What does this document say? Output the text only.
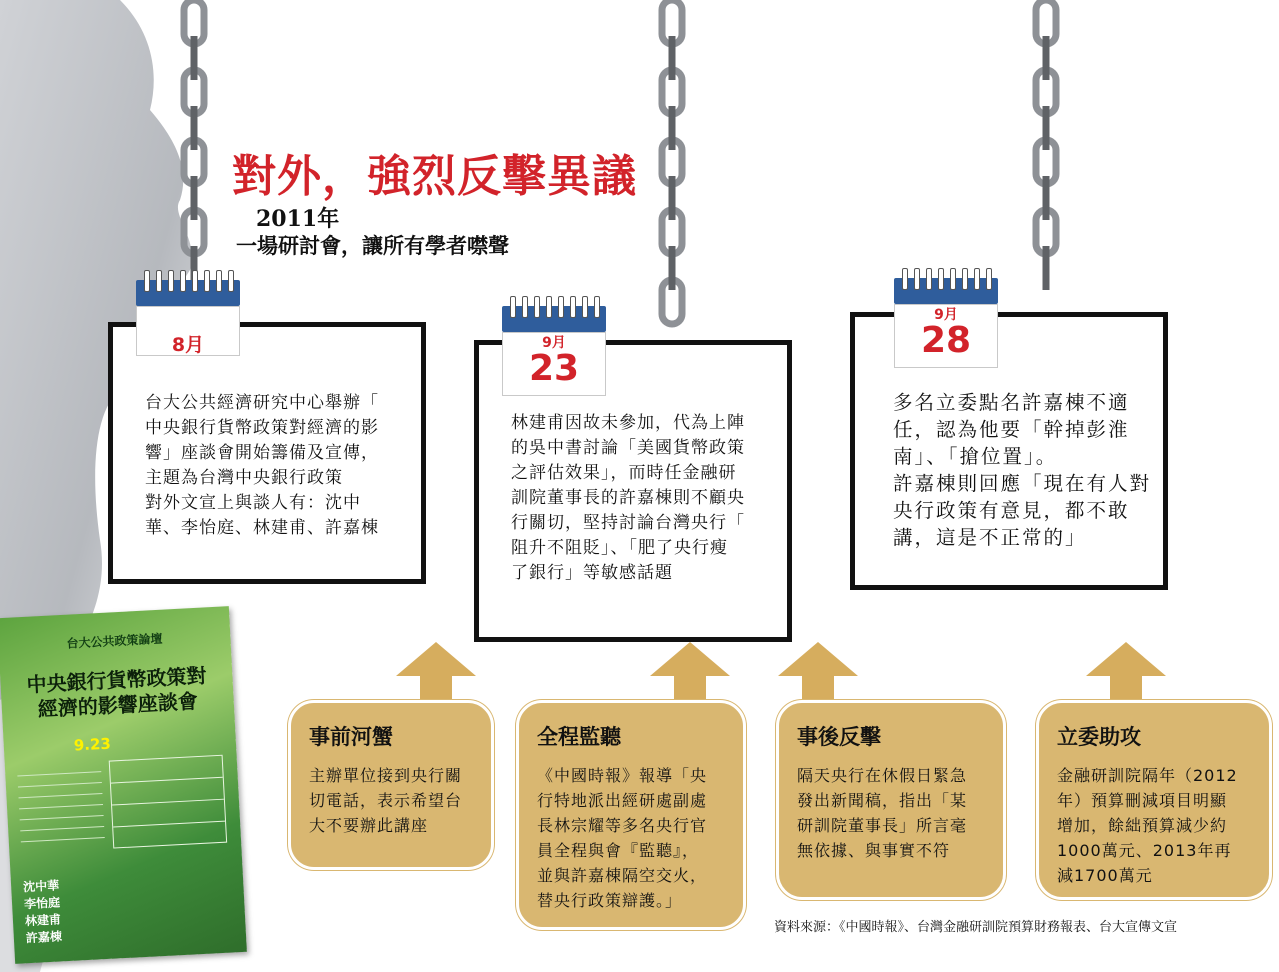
對外，強烈反擊異議
2011年
一場研討會，讓所有學者噤聲
台大公共經濟研究中心舉辦「
中央銀行貨幣政策對經濟的影
響」座談會開始籌備及宣傳，
主題為台灣中央銀行政策
對外文宣上與談人有：沈中
華、李怡庭、林建甫、許嘉棟
8月
林建甫因故未參加，代為上陣
的吳中書討論「美國貨幣政策
之評估效果」，而時任金融研
訓院董事長的許嘉棟則不顧央
行關切，堅持討論台灣央行「
阻升不阻貶」、「肥了央行瘦
了銀行」等敏感話題
9月
23
多名立委點名許嘉棟不適
任，認為他要「幹掉彭淮
南」、「搶位置」。
許嘉棟則回應「現在有人對
央行政策有意見，都不敢
講，這是不正常的」
9月
28
事前河蟹
主辦單位接到央行關
切電話，表示希望台
大不要辦此講座
全程監聽
《中國時報》報導「央
行特地派出經研處副處
長林宗耀等多名央行官
員全程與會『監聽』，
並與許嘉棟隔空交火，
替央行政策辯護。」
事後反擊
隔天央行在休假日緊急
發出新聞稿，指出「某
研訓院董事長」所言毫
無依據、與事實不符
立委助攻
金融研訓院隔年（2012
年）預算刪減項目明顯
增加，餘絀預算減少約
1000萬元、2013年再
減1700萬元
台大公共政策論壇
中央銀行貨幣政策對
經濟的影響座談會
9.23
沈中華
李怡庭
林建甫
許嘉棟
資料來源：《中國時報》、台灣金融研訓院預算財務報表、台大宣傳文宣
